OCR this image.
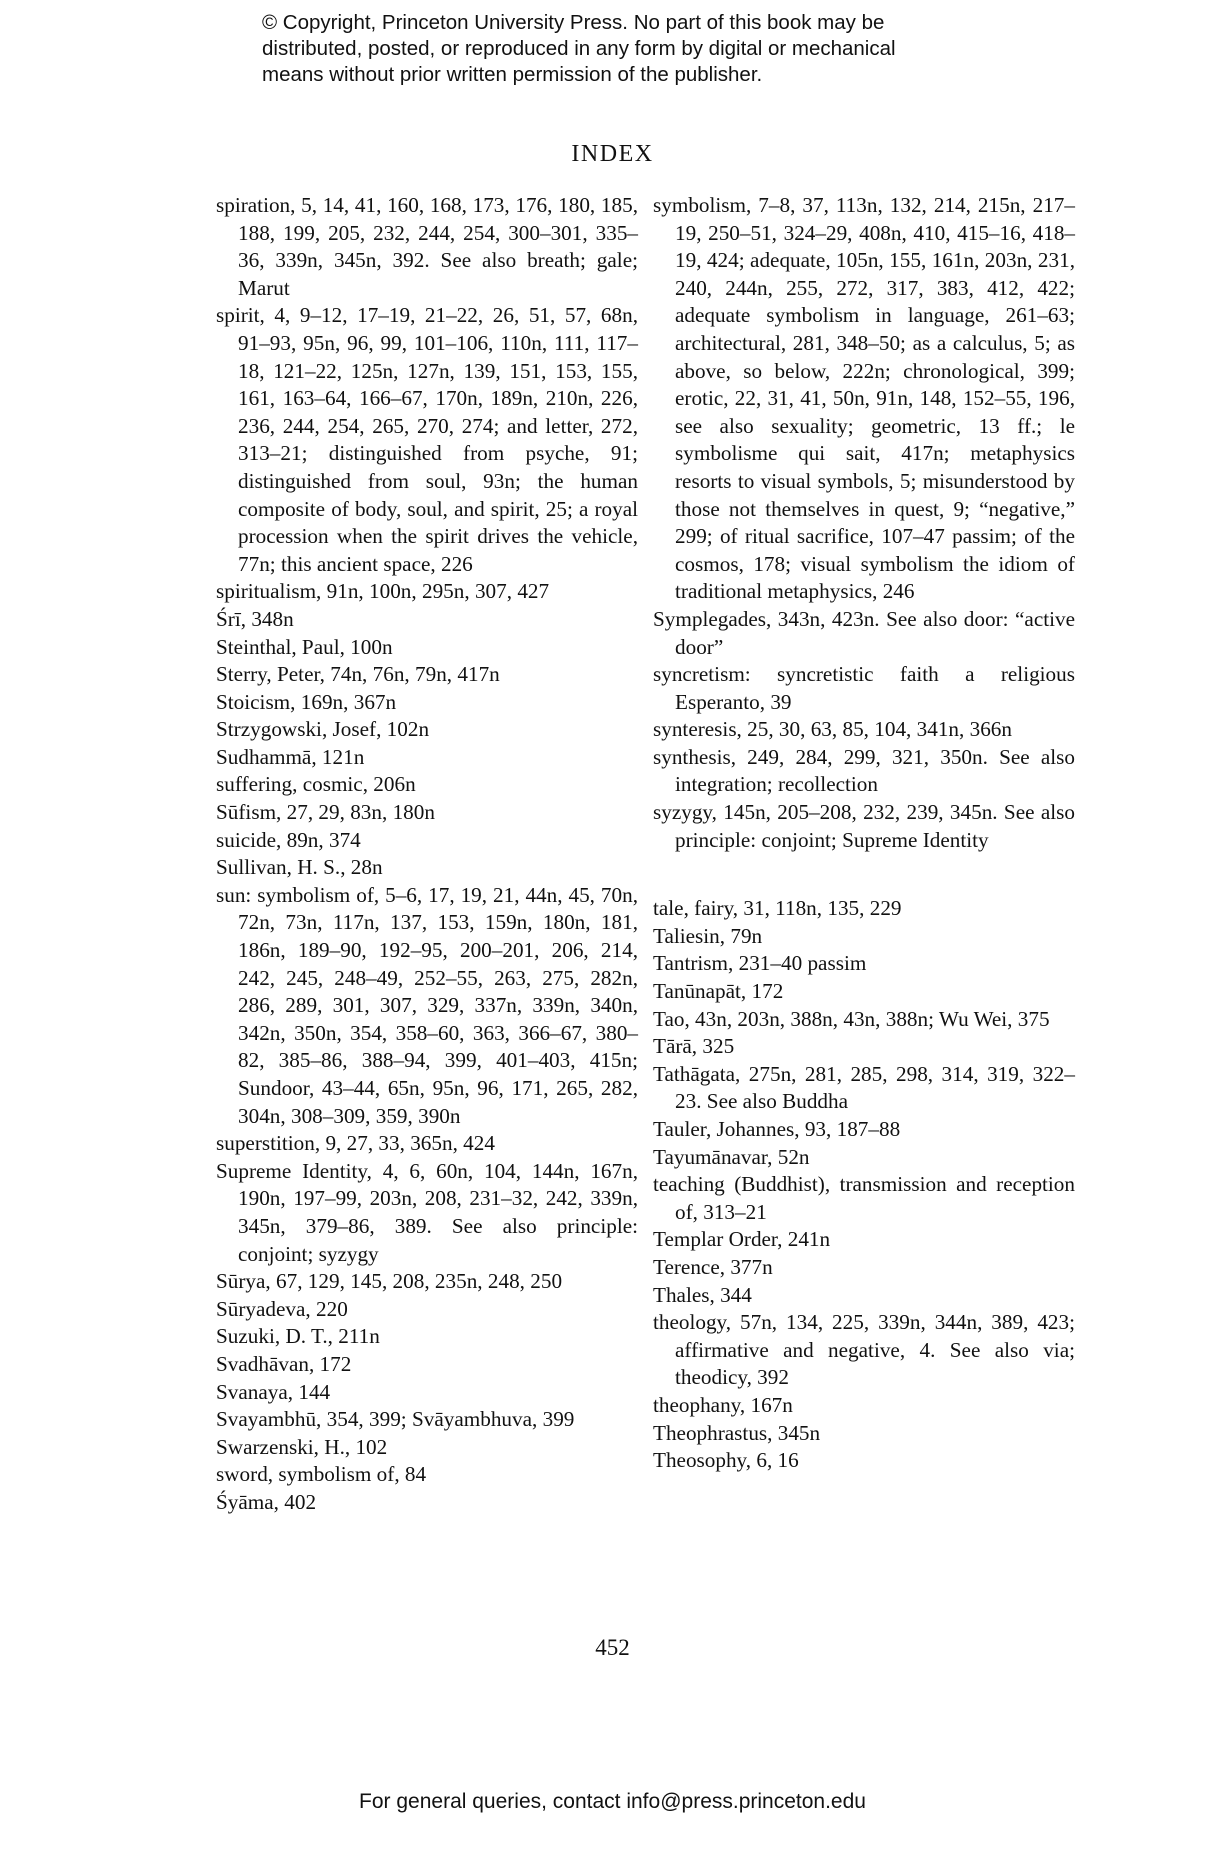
© Copyright, Princeton University Press. No part of this book may be
distributed, posted, or reproduced in any form by digital or mechanical
means without prior written permission of the publisher.
INDEX
spiration, 5, 14, 41, 160, 168, 173, 176, 180, 185, 188, 199, 205, 232, 244, 254, 300–301, 335–36, 339n, 345n, 392. See also breath; gale; Marut
spirit, 4, 9–12, 17–19, 21–22, 26, 51, 57, 68n, 91–93, 95n, 96, 99, 101–106, 110n, 111, 117–18, 121–22, 125n, 127n, 139, 151, 153, 155, 161, 163–64, 166–67, 170n, 189n, 210n, 226, 236, 244, 254, 265, 270, 274; and letter, 272, 313–21; distinguished from psyche, 91; distinguished from soul, 93n; the human composite of body, soul, and spirit, 25; a royal procession when the spirit drives the vehicle, 77n; this ancient space, 226
spiritualism, 91n, 100n, 295n, 307, 427
Śrī, 348n
Steinthal, Paul, 100n
Sterry, Peter, 74n, 76n, 79n, 417n
Stoicism, 169n, 367n
Strzygowski, Josef, 102n
Sudhammā, 121n
suffering, cosmic, 206n
Sūfism, 27, 29, 83n, 180n
suicide, 89n, 374
Sullivan, H. S., 28n
sun: symbolism of, 5–6, 17, 19, 21, 44n, 45, 70n, 72n, 73n, 117n, 137, 153, 159n, 180n, 181, 186n, 189–90, 192–95, 200–201, 206, 214, 242, 245, 248–49, 252–55, 263, 275, 282n, 286, 289, 301, 307, 329, 337n, 339n, 340n, 342n, 350n, 354, 358–60, 363, 366–67, 380–82, 385–86, 388–94, 399, 401–403, 415n; Sundoor, 43–44, 65n, 95n, 96, 171, 265, 282, 304n, 308–309, 359, 390n
superstition, 9, 27, 33, 365n, 424
Supreme Identity, 4, 6, 60n, 104, 144n, 167n, 190n, 197–99, 203n, 208, 231–32, 242, 339n, 345n, 379–86, 389. See also principle: conjoint; syzygy
Sūrya, 67, 129, 145, 208, 235n, 248, 250
Sūryadeva, 220
Suzuki, D. T., 211n
Svadhāvan, 172
Svanaya, 144
Svayambhū, 354, 399; Svāyambhuva, 399
Swarzenski, H., 102
sword, symbolism of, 84
Śyāma, 402
symbolism, 7–8, 37, 113n, 132, 214, 215n, 217–19, 250–51, 324–29, 408n, 410, 415–16, 418–19, 424; adequate, 105n, 155, 161n, 203n, 231, 240, 244n, 255, 272, 317, 383, 412, 422; adequate symbolism in language, 261–63; architectural, 281, 348–50; as a calculus, 5; as above, so below, 222n; chronological, 399; erotic, 22, 31, 41, 50n, 91n, 148, 152–55, 196, see also sexuality; geometric, 13 ff.; le symbolisme qui sait, 417n; metaphysics resorts to visual symbols, 5; misunderstood by those not themselves in quest, 9; “negative,” 299; of ritual sacrifice, 107–47 passim; of the cosmos, 178; visual symbolism the idiom of traditional metaphysics, 246
Symplegades, 343n, 423n. See also door: “active door”
syncretism: syncretistic faith a religious Esperanto, 39
synteresis, 25, 30, 63, 85, 104, 341n, 366n
synthesis, 249, 284, 299, 321, 350n. See also integration; recollection
syzygy, 145n, 205–208, 232, 239, 345n. See also principle: conjoint; Supreme Identity
tale, fairy, 31, 118n, 135, 229
Taliesin, 79n
Tantrism, 231–40 passim
Tanūnapāt, 172
Tao, 43n, 203n, 388n, 43n, 388n; Wu Wei, 375
Tārā, 325
Tathāgata, 275n, 281, 285, 298, 314, 319, 322–23. See also Buddha
Tauler, Johannes, 93, 187–88
Tayumānavar, 52n
teaching (Buddhist), transmission and reception of, 313–21
Templar Order, 241n
Terence, 377n
Thales, 344
theology, 57n, 134, 225, 339n, 344n, 389, 423; affirmative and negative, 4. See also via; theodicy, 392
theophany, 167n
Theophrastus, 345n
Theosophy, 6, 16
452
For general queries, contact info@press.princeton.edu
